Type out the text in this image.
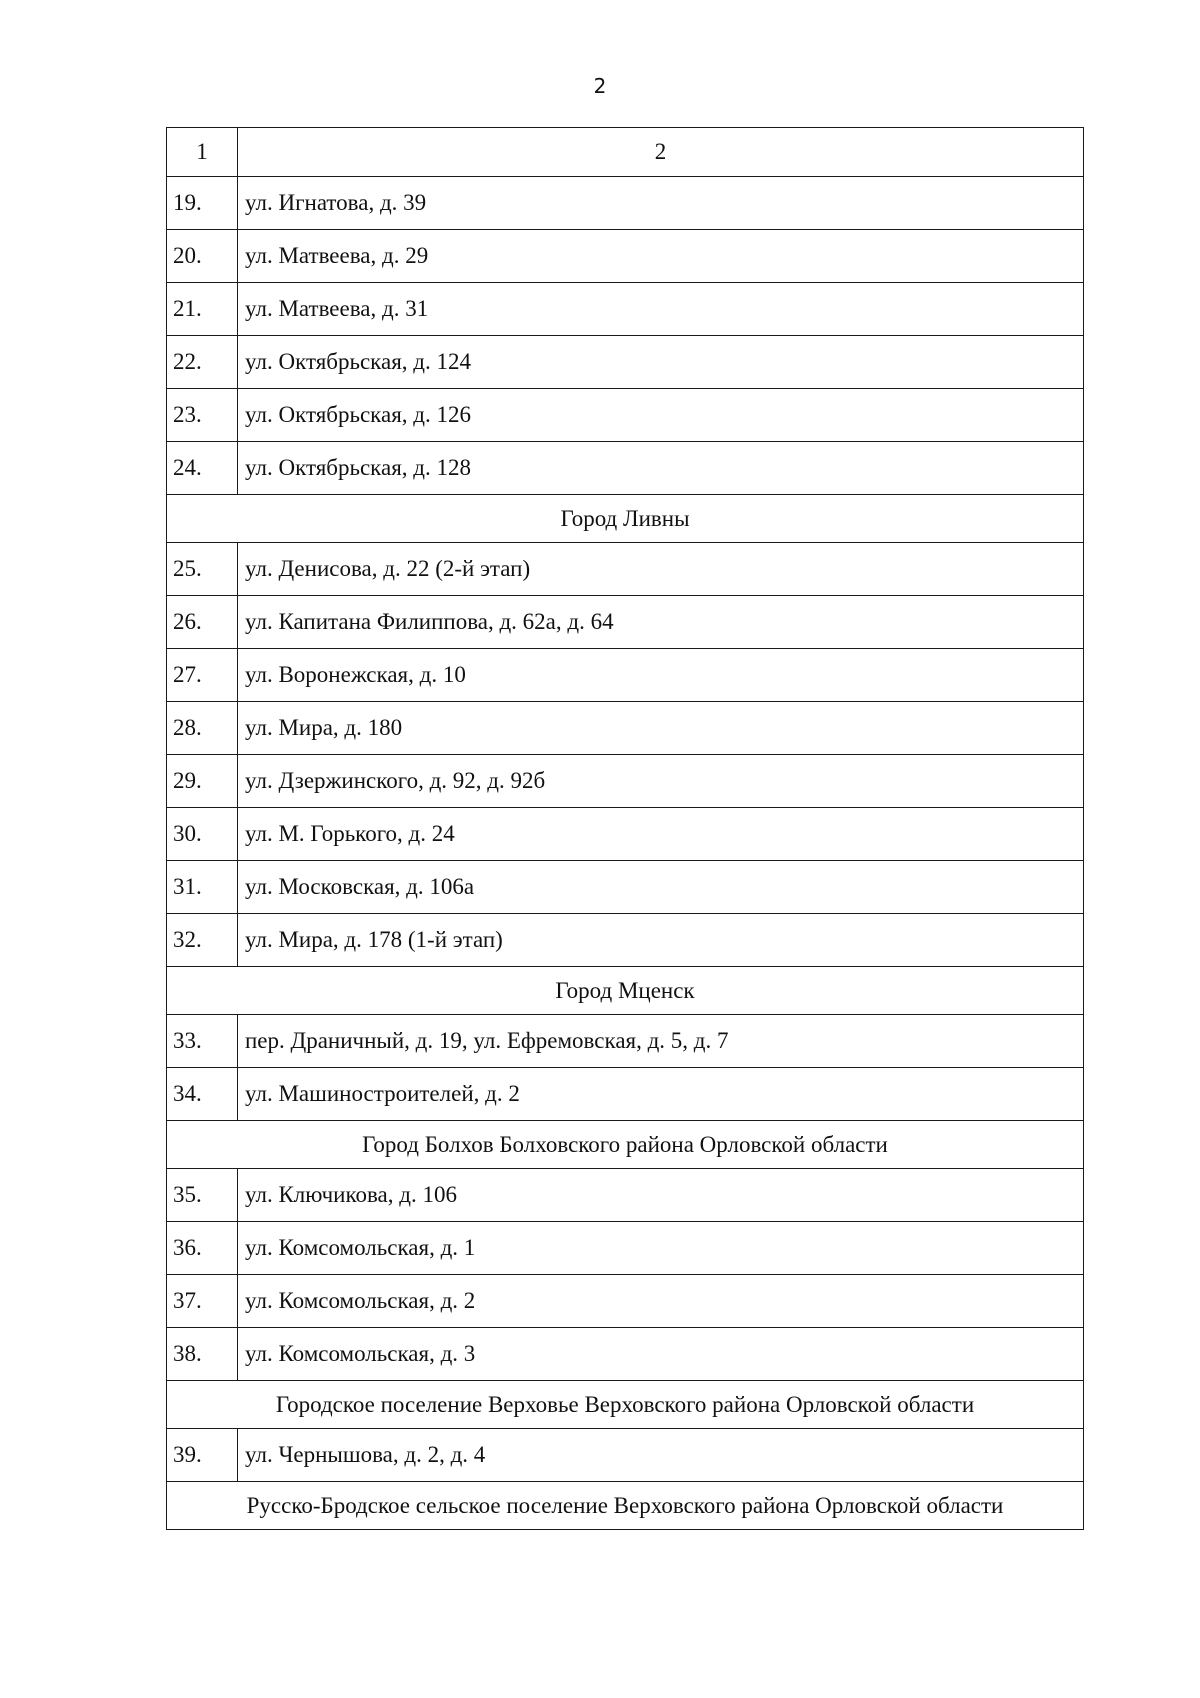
2
1	2
19.	ул. Игнатова, д. 39
20.	ул. Матвеева, д. 29
21.	ул. Матвеева, д. 31
22.	ул. Октябрьская, д. 124
23.	ул. Октябрьская, д. 126
24.	ул. Октябрьская, д. 128
Город Ливны	
25.	ул. Денисова, д. 22 (2-й этап)
26.	ул. Капитана Филиппова, д. 62а, д. 64
27.	ул. Воронежская, д. 10
28.	ул. Мира, д. 180
29.	ул. Дзержинского, д. 92, д. 92б
30.	ул. М. Горького, д. 24
31.	ул. Московская, д. 106а
32.	ул. Мира, д. 178 (1-й этап)
Город Мценск	
33.	пер. Драничный, д. 19, ул. Ефремовская, д. 5, д. 7
34.	ул. Машиностроителей, д. 2
Город Болхов Болховского района Орловской области	
35.	ул. Ключикова, д. 106
36.	ул. Комсомольская, д. 1
37.	ул. Комсомольская, д. 2
38.	ул. Комсомольская, д. 3
Городское поселение Верховье Верховского района Орловской области	
39.	ул. Чернышова, д. 2, д. 4
Русско-Бродское сельское поселение Верховского района Орловской области	
